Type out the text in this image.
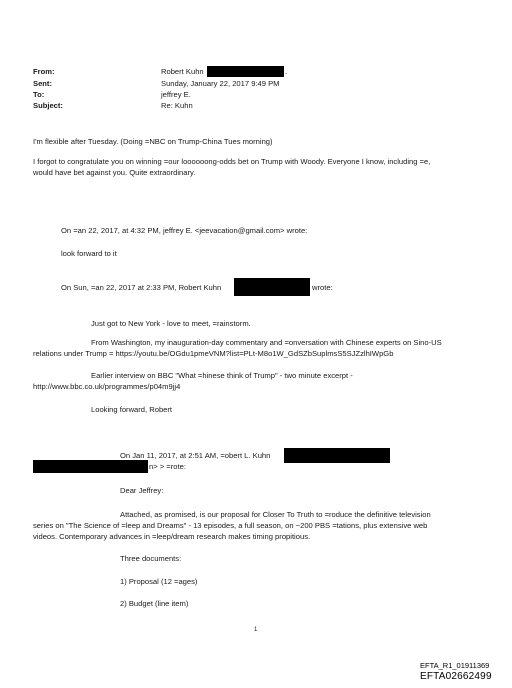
From:
Sent:
To:
Subject:
Robert Kuhn	.
Sunday, January 22, 2017 9:49 PM
jeffrey E.
Re: Kuhn
I'm flexible after Tuesday. (Doing =NBC on Trump-China Tues morning)
I forgot to congratulate you on winning =our loooooong-odds bet on Trump with Woody. Everyone I know, including =e,
would have bet against you. Quite extraordinary.
On =an 22, 2017, at 4:32 PM, jeffrey E. <jeevacation@gmail.com> wrote:
look forward to it
On Sun, =an 22, 2017 at 2:33 PM, Robert Kuhn	wrote:
Just got to New York - love to meet, =rainstorm.
From Washington, my inauguration-day commentary and =onversation with Chinese experts on Sino-US
relations under Trump = https://youtu.be/OGdu1pmeVNM?list=PLt-M8o1W_GdSZbSuplmsS5SJZzlhIWpGb
Earlier interview on BBC "What =hinese think of Trump" - two minute excerpt -
http://www.bbc.co.uk/programmes/p04m9jj4
Looking forward, Robert
On Jan 11, 2017, at 2:51 AM, =obert L. Kuhn
n> > =rote:
Dear Jeffrey:
Attached, as promised, is our proposal for Closer To Truth to =roduce the definitive television
series on "The Science of =leep and Dreams" - 13 episodes, a full season, on ~200 PBS =tations, plus extensive web
videos. Contemporary advances in =leep/dream research makes timing propitious.
Three documents:
1) Proposal (12 =ages)
2) Budget (line item)
1
EFTA_R1_01911369
EFTA02662499
